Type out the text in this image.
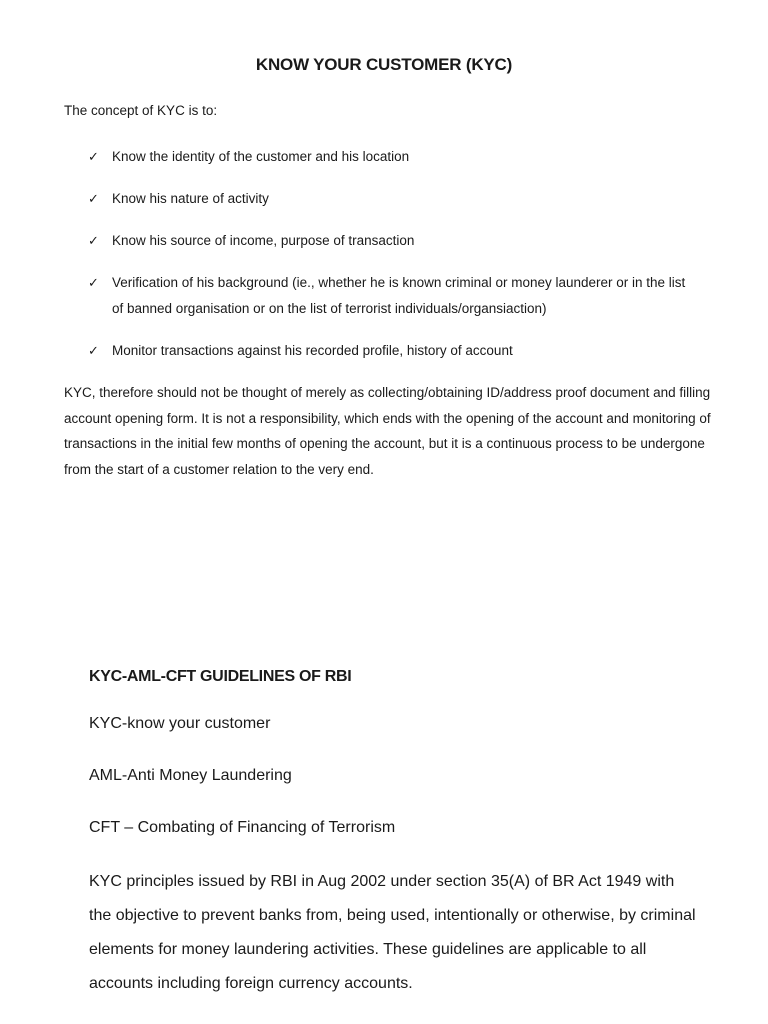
KNOW YOUR CUSTOMER (KYC)

The concept of KYC is to:

✓ Know the identity of the customer and his location
✓ Know his nature of activity
✓ Know his source of income, purpose of transaction
✓ Verification of his background (ie., whether he is known criminal or money launderer or in the list of banned organisation or on the list of terrorist individuals/organsiaction)
✓ Monitor transactions against his recorded profile, history of account

KYC, therefore should not be thought of merely as collecting/obtaining ID/address proof document and filling account opening form. It is not a responsibility, which ends with the opening of the account and monitoring of transactions in the initial few months of opening the account, but it is a continuous process to be undergone from the start of a customer relation to the very end.

KYC-AML-CFT GUIDELINES OF RBI

KYC-know your customer

AML-Anti Money Laundering

CFT – Combating of Financing of Terrorism

KYC principles issued by RBI in Aug 2002 under section 35(A) of BR Act 1949 with the objective to prevent banks from, being used, intentionally or otherwise, by criminal elements for money laundering activities. These guidelines are applicable to all accounts including foreign currency accounts.
